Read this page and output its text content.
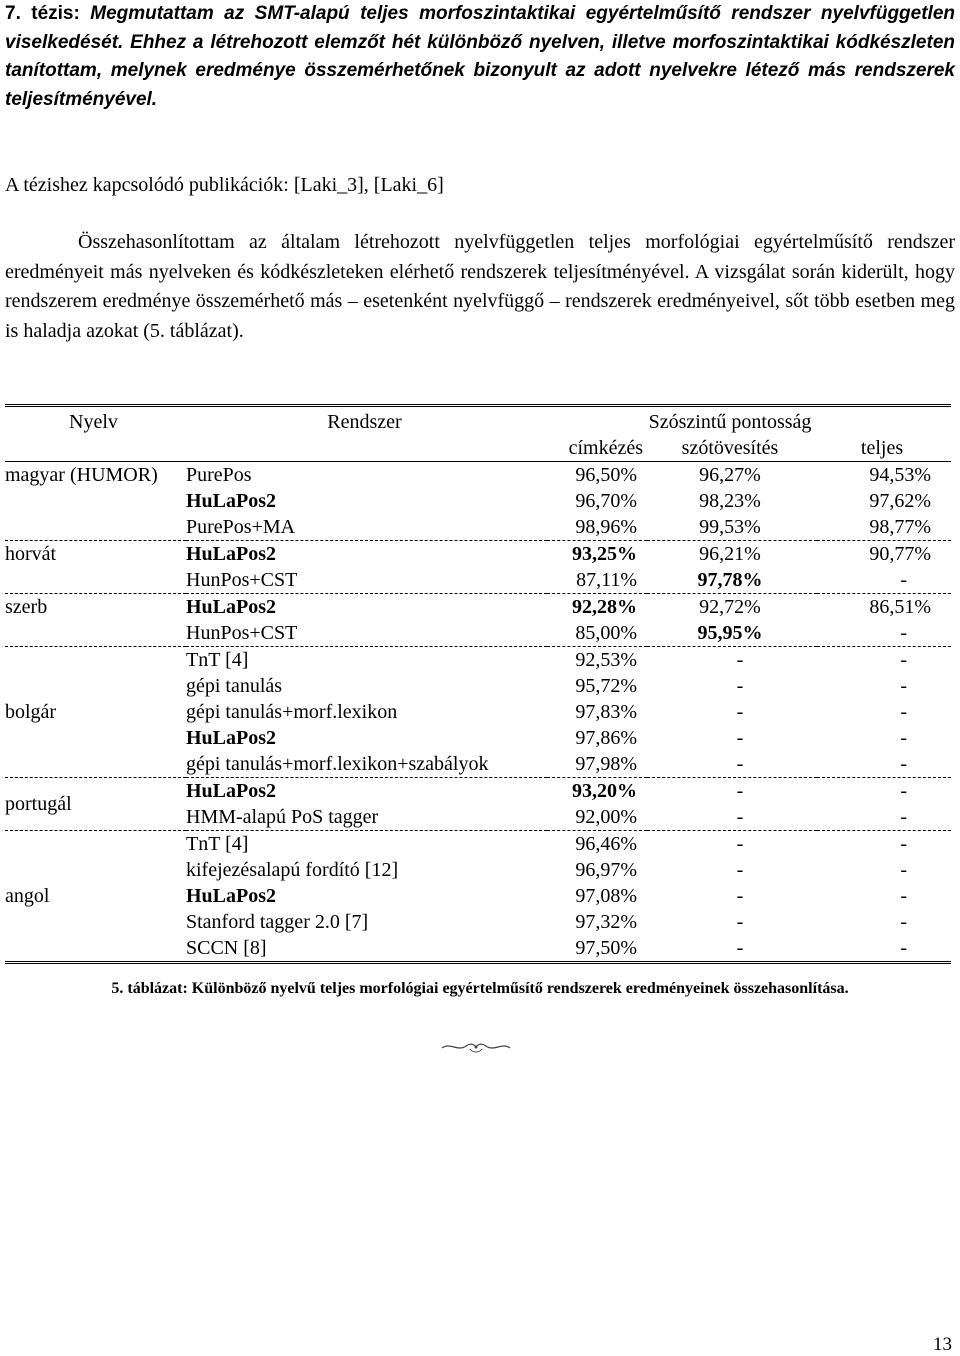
7. tézis: Megmutattam az SMT-alapú teljes morfoszintaktikai egyértelműsítő rendszer nyelvfüggetlen viselkedését. Ehhez a létrehozott elemzőt hét különböző nyelven, illetve morfoszintaktikai kódkészleten tanítottam, melynek eredménye összemérhetőnek bizonyult az adott nyelvekre létező más rendszerek teljesítményével.
A tézishez kapcsolódó publikációk: [Laki_3], [Laki_6]
Összehasonlítottam az általam létrehozott nyelvfüggetlen teljes morfológiai egyértelműsítő rendszer eredményeit más nyelveken és kódkészleteken elérhető rendszerek teljesítményével. A vizsgálat során kiderült, hogy rendszerem eredménye összemérhető más – esetenként nyelvfüggő – rendszerek eredményeivel, sőt több esetben meg is haladja azokat (5. táblázat).
Nyelv	Rendszer		Szószintű pontosság	
		címkézés	szótövesítés	teljes
magyar (HUMOR)	PurePos	96,50%	96,27%	94,53%
	HuLaPos2	96,70%	98,23%	97,62%
	PurePos+MA	98,96%	99,53%	98,77%
horvát	HuLaPos2	93,25%	96,21%	90,77%
	HunPos+CST	87,11%	97,78%	-
szerb	HuLaPos2	92,28%	92,72%	86,51%
	HunPos+CST	85,00%	95,95%	-
	TnT [4]	92,53%	-	-
	gépi tanulás	95,72%	-	-
bolgár	gépi tanulás+morf.lexikon	97,83%	-	-
	HuLaPos2	97,86%	-	-
	gépi tanulás+morf.lexikon+szabályok	97,98%	-	-
portugál	HuLaPos2	93,20%	-	-
	HMM-alapú PoS tagger	92,00%	-	-
	TnT [4]	96,46%	-	-
	kifejezésalapú fordító [12]	96,97%	-	-
angol	HuLaPos2	97,08%	-	-
	Stanford tagger 2.0 [7]	97,32%	-	-
	SCCN [8]	97,50%	-	-
5. táblázat: Különböző nyelvű teljes morfológiai egyértelműsítő rendszerek eredményeinek összehasonlítása.
13
